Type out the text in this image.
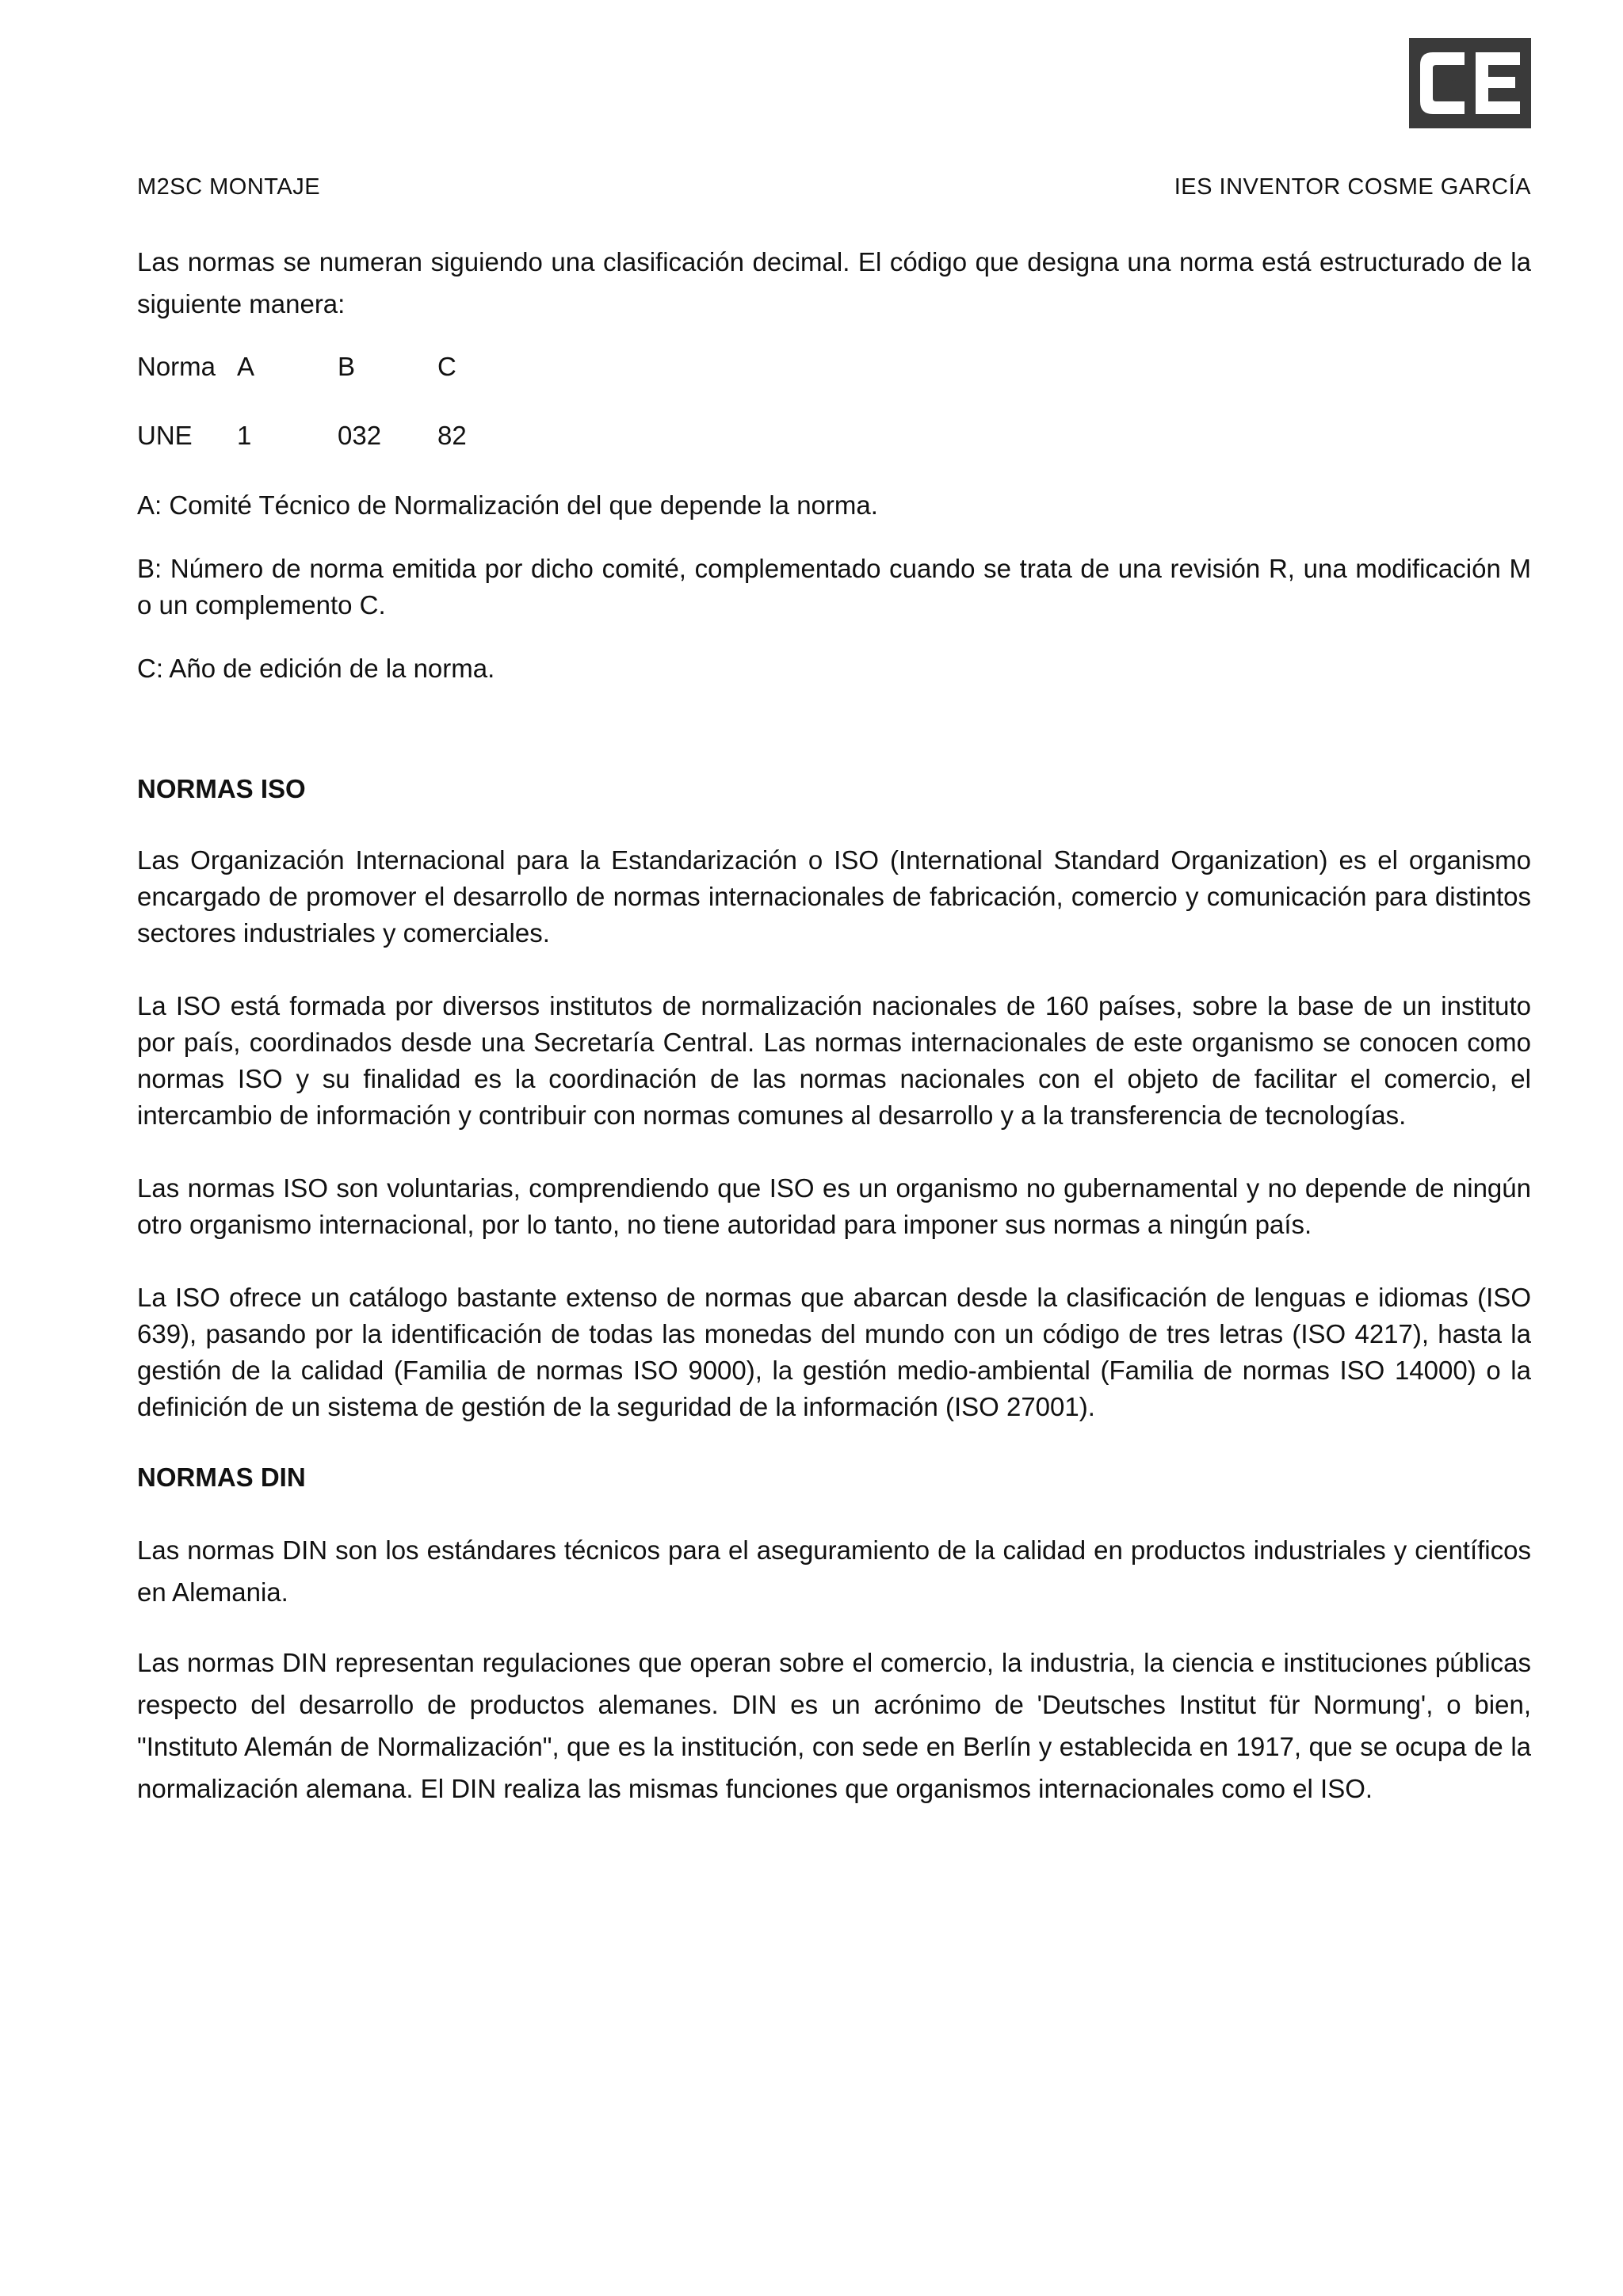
M2SC MONTAJE	IES INVENTOR COSME GARCÍA

Las normas se numeran siguiendo una clasificación decimal. El código que designa una norma está estructurado de la siguiente manera:

Norma A	B	C
UNE	1	032	82

A: Comité Técnico de Normalización del que depende la norma.

B: Número de norma emitida por dicho comité, complementado cuando se trata de una revisión R, una modificación M o un complemento C.

C: Año de edición de la norma.

NORMAS ISO

Las Organización Internacional para la Estandarización o ISO (International Standard Organization) es el organismo encargado de promover el desarrollo de normas internacionales de fabricación, comercio y comunicación para distintos sectores industriales y comerciales.

La ISO está formada por diversos institutos de normalización nacionales de 160 países, sobre la base de un instituto por país, coordinados desde una Secretaría Central. Las normas internacionales de este organismo se conocen como normas ISO y su finalidad es la coordinación de las normas nacionales con el objeto de facilitar el comercio, el intercambio de información y contribuir con normas comunes al desarrollo y a la transferencia de tecnologías.

Las normas ISO son voluntarias, comprendiendo que ISO es un organismo no gubernamental y no depende de ningún otro organismo internacional, por lo tanto, no tiene autoridad para imponer sus normas a ningún país.

La ISO ofrece un catálogo bastante extenso de normas que abarcan desde la clasificación de lenguas e idiomas (ISO 639), pasando por la identificación de todas las monedas del mundo con un código de tres letras (ISO 4217), hasta la gestión de la calidad (Familia de normas ISO 9000), la gestión medio-ambiental (Familia de normas ISO 14000) o la definición de un sistema de gestión de la seguridad de la información (ISO 27001).

NORMAS DIN

Las normas DIN son los estándares técnicos para el aseguramiento de la calidad en productos industriales y científicos en Alemania.

Las normas DIN representan regulaciones que operan sobre el comercio, la industria, la ciencia e instituciones públicas respecto del desarrollo de productos alemanes. DIN es un acrónimo de 'Deutsches Institut für Normung', o bien, "Instituto Alemán de Normalización", que es la institución, con sede en Berlín y establecida en 1917, que se ocupa de la normalización alemana. El DIN realiza las mismas funciones que organismos internacionales como el ISO.
